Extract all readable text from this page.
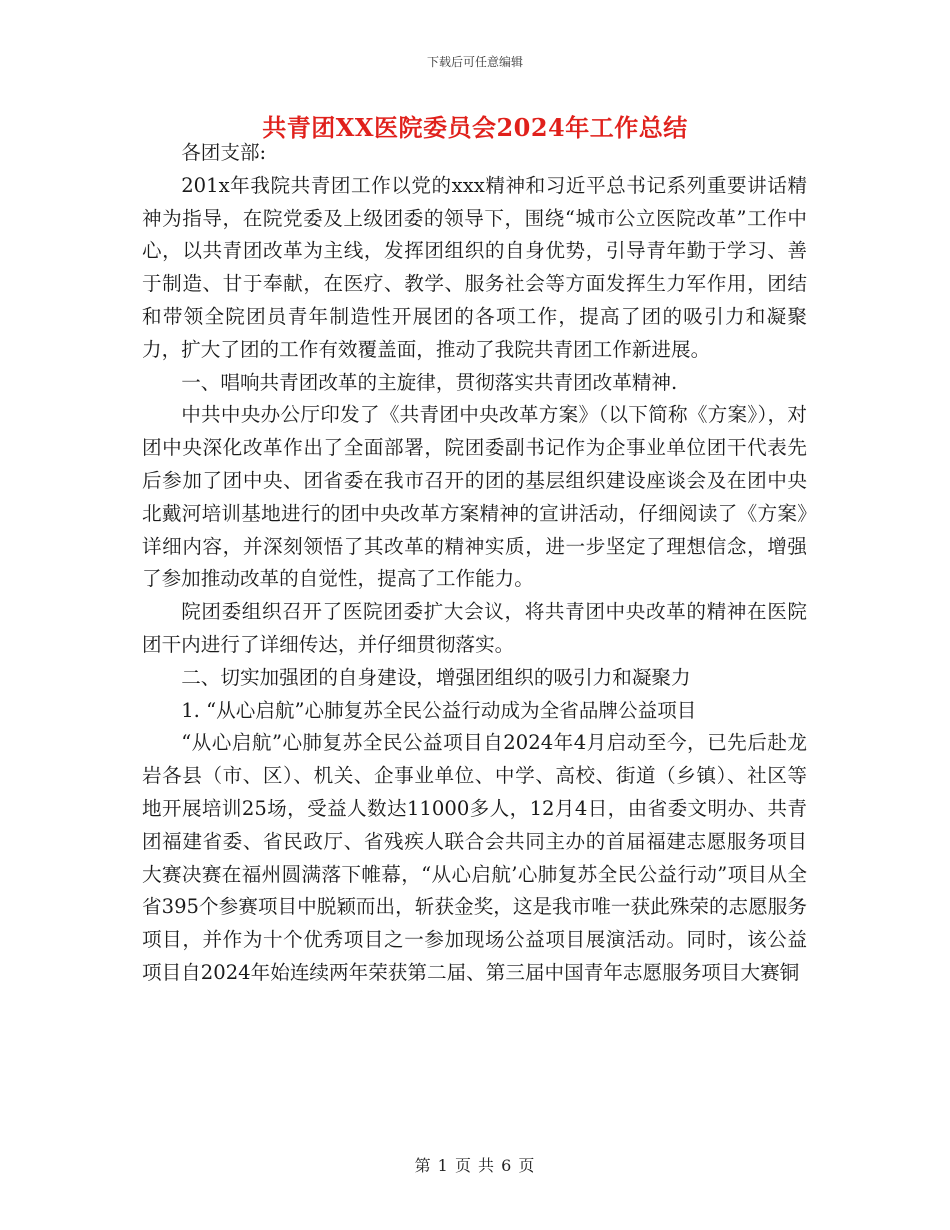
下载后可任意编辑
共青团XX医院委员会2024年工作总结

各团支部:

201x年我院共青团工作以党的xxx精神和习近平总书记系列重要讲话精神为指导，在院党委及上级团委的领导下，围绕“城市公立医院改革”工作中心，以共青团改革为主线，发挥团组织的自身优势，引导青年勤于学习、善于制造、甘于奉献，在医疗、教学、服务社会等方面发挥生力军作用，团结和带领全院团员青年制造性开展团的各项工作，提高了团的吸引力和凝聚力，扩大了团的工作有效覆盖面，推动了我院共青团工作新进展。

一、唱响共青团改革的主旋律，贯彻落实共青团改革精神.

中共中央办公厅印发了《共青团中央改革方案》（以下简称《方案》），对团中央深化改革作出了全面部署，院团委副书记作为企事业单位团干代表先后参加了团中央、团省委在我市召开的团的基层组织建设座谈会及在团中央北戴河培训基地进行的团中央改革方案精神的宣讲活动，仔细阅读了《方案》详细内容，并深刻领悟了其改革的精神实质，进一步坚定了理想信念，增强了参加推动改革的自觉性，提高了工作能力。

院团委组织召开了医院团委扩大会议，将共青团中央改革的精神在医院团干内进行了详细传达，并仔细贯彻落实。

二、切实加强团的自身建设，增强团组织的吸引力和凝聚力

1. “从心启航”心肺复苏全民公益行动成为全省品牌公益项目

“从心启航”心肺复苏全民公益项目自2024年4月启动至今，已先后赴龙岩各县（市、区）、机关、企事业单位、中学、高校、街道（乡镇）、社区等地开展培训25场，受益人数达11000多人，12月4日，由省委文明办、共青团福建省委、省民政厅、省残疾人联合会共同主办的首届福建志愿服务项目大赛决赛在福州圆满落下帷幕，“从心启航’心肺复苏全民公益行动”项目从全省395个参赛项目中脱颖而出，斩获金奖，这是我市唯一获此殊荣的志愿服务项目，并作为十个优秀项目之一参加现场公益项目展演活动。同时，该公益项目自2024年始连续两年荣获第二届、第三届中国青年志愿服务项目大赛铜

第 1 页 共 6 页
